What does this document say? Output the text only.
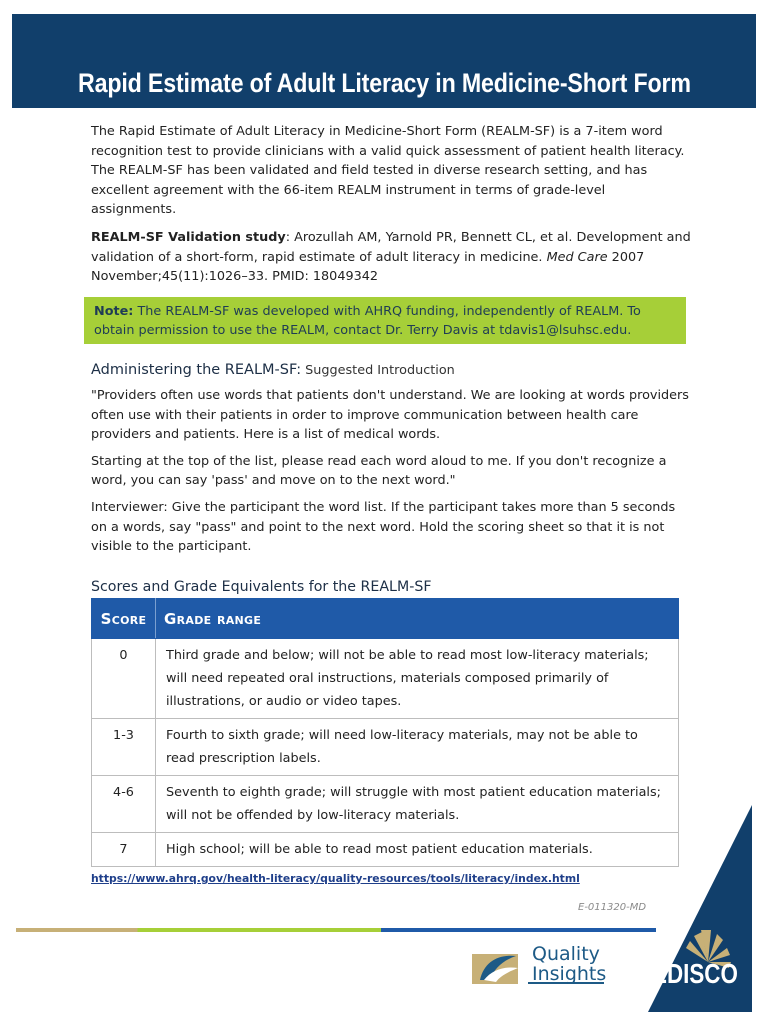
Rapid Estimate of Adult Literacy in Medicine-Short Form

The Rapid Estimate of Adult Literacy in Medicine-Short Form (REALM-SF) is a 7-item word recognition test to provide clinicians with a valid quick assessment of patient health literacy. The REALM-SF has been validated and field tested in diverse research setting, and has excellent agreement with the 66-item REALM instrument in terms of grade-level assignments.

REALM-SF Validation study: Arozullah AM, Yarnold PR, Bennett CL, et al. Development and validation of a short-form, rapid estimate of adult literacy in medicine. Med Care 2007 November;45(11):1026–33. PMID: 18049342

Note: The REALM-SF was developed with AHRQ funding, independently of REALM. To obtain permission to use the REALM, contact Dr. Terry Davis at tdavis1@lsuhsc.edu.
Administering the REALM-SF: Suggested Introduction

"Providers often use words that patients don't understand. We are looking at words providers often use with their patients in order to improve communication between health care providers and patients. Here is a list of medical words.

Starting at the top of the list, please read each word aloud to me. If you don't recognize a word, you can say 'pass' and move on to the next word."

Interviewer: Give the participant the word list. If the participant takes more than 5 seconds on a words, say "pass" and point to the next word. Hold the scoring sheet so that it is not visible to the participant.

Scores and Grade Equivalents for the REALM-SF
Score	Grade range
0	Third grade and below; will not be able to read most low-literacy materials; will need repeated oral instructions, materials composed primarily of illustrations, or audio or video tapes.
1-3	Fourth to sixth grade; will need low-literacy materials, may not be able to read prescription labels.
4-6	Seventh to eighth grade; will struggle with most patient education materials; will not be offended by low-literacy materials.
7	High school; will be able to read most patient education materials.
https://www.ahrq.gov/health-literacy/quality-resources/tools/literacy/index.html
E-011320-MD
EDISCO
Quality
Insights
